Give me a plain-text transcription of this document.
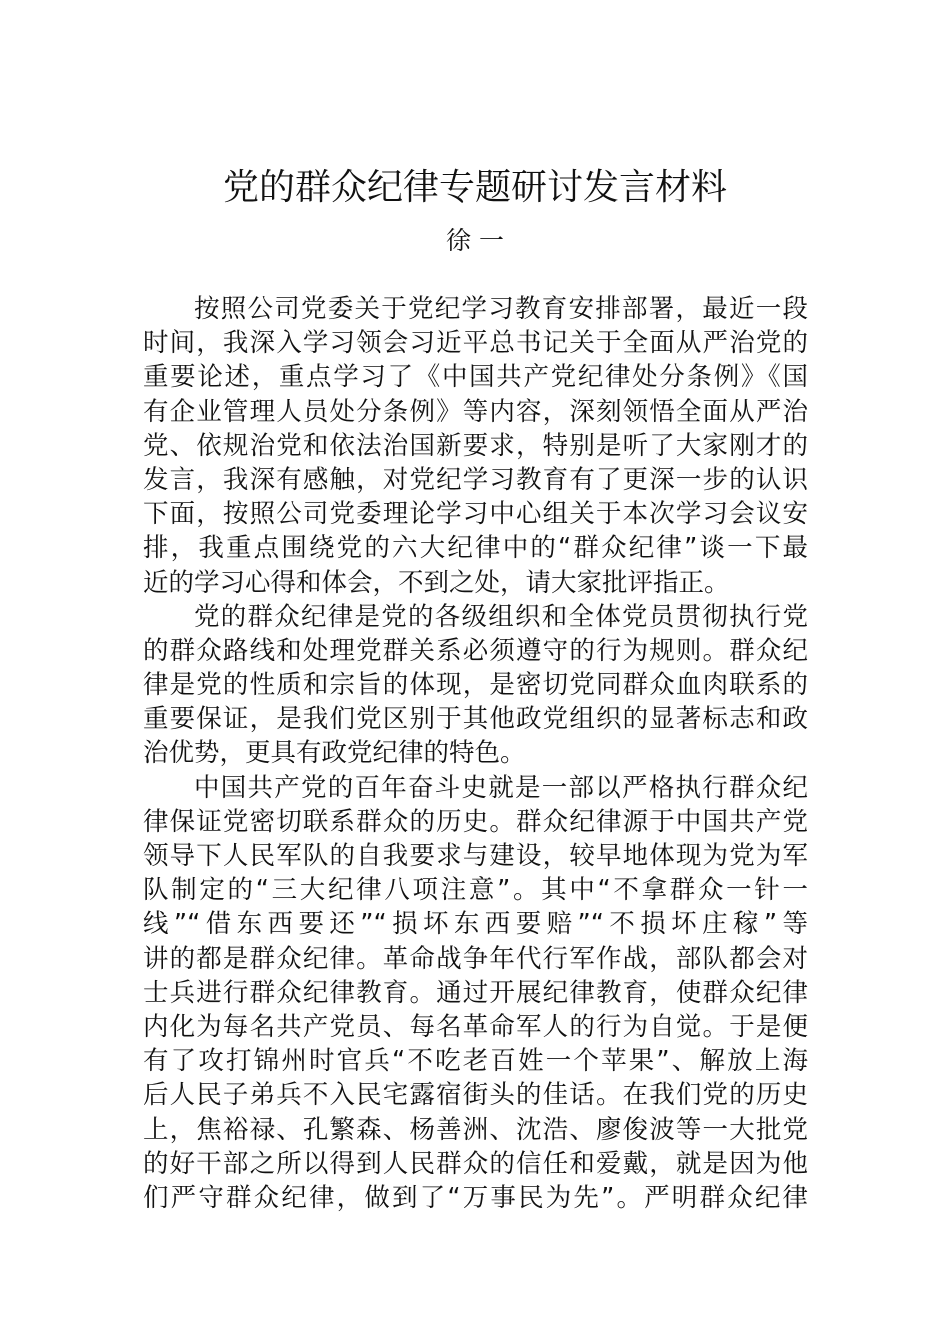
党的群众纪律专题研讨发言材料
徐 一
按照公司党委关于党纪学习教育安排部署，最近一段
时间，我深入学习领会习近平总书记关于全面从严治党的
重要论述，重点学习了《中国共产党纪律处分条例》《国
有企业管理人员处分条例》等内容，深刻领悟全面从严治
党、依规治党和依法治国新要求，特别是听了大家刚才的
发言，我深有感触，对党纪学习教育有了更深一步的认识
下面，按照公司党委理论学习中心组关于本次学习会议安
排，我重点围绕党的六大纪律中的“群众纪律”谈一下最
近的学习心得和体会，不到之处，请大家批评指正。
党的群众纪律是党的各级组织和全体党员贯彻执行党
的群众路线和处理党群关系必须遵守的行为规则。群众纪
律是党的性质和宗旨的体现，是密切党同群众血肉联系的
重要保证，是我们党区别于其他政党组织的显著标志和政
治优势，更具有政党纪律的特色。
中国共产党的百年奋斗史就是一部以严格执行群众纪
律保证党密切联系群众的历史。群众纪律源于中国共产党
领导下人民军队的自我要求与建设，较早地体现为党为军
队制定的“三大纪律八项注意”。其中“不拿群众一针一
线”“借东西要还”“损坏东西要赔”“不损坏庄稼”等
讲的都是群众纪律。革命战争年代行军作战，部队都会对
士兵进行群众纪律教育。通过开展纪律教育，使群众纪律
内化为每名共产党员、每名革命军人的行为自觉。于是便
有了攻打锦州时官兵“不吃老百姓一个苹果”、解放上海
后人民子弟兵不入民宅露宿街头的佳话。在我们党的历史
上，焦裕禄、孔繁森、杨善洲、沈浩、廖俊波等一大批党
的好干部之所以得到人民群众的信任和爱戴，就是因为他
们严守群众纪律，做到了“万事民为先”。严明群众纪律
